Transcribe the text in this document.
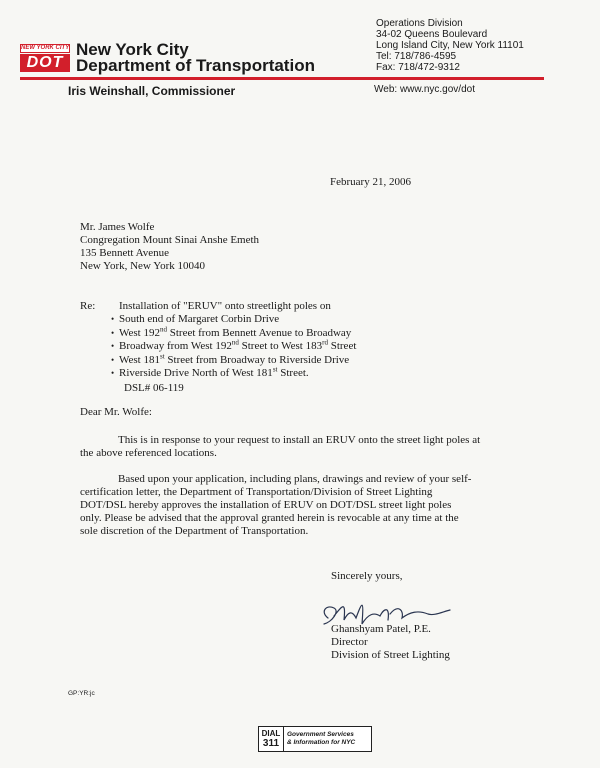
NEW YORK CITY
DOT
New York City
Department of Transportation
Iris Weinshall, Commissioner	Web: www.nyc.gov/dot
Operations Division
34-02 Queens Boulevard
Long Island City, New York 11101
Tel: 718/786-4595
Fax: 718/472-9312
February 21, 2006
Mr. James Wolfe
Congregation Mount Sinai Anshe Emeth
135 Bennett Avenue
New York, New York 10040
Re: Installation of "ERUV" onto streetlight poles on
• South end of Margaret Corbin Drive
• West 192nd Street from Bennett Avenue to Broadway
• Broadway from West 192nd Street to West 183rd Street
• West 181st Street from Broadway to Riverside Drive
• Riverside Drive North of West 181st Street.
DSL# 06-119
Dear Mr. Wolfe:
This is in response to your request to install an ERUV onto the street light poles at
the above referenced locations.
Based upon your application, including plans, drawings and review of your self-
certification letter, the Department of Transportation/Division of Street Lighting
DOT/DSL hereby approves the installation of ERUV on DOT/DSL street light poles
only. Please be advised that the approval granted herein is revocable at any time at the
sole discretion of the Department of Transportation.
Sincerely yours,
Ghanshyam Patel, P.E.
Director
Division of Street Lighting
GP:YR:jc
DIAL
311
Government Services
& Information for NYC
